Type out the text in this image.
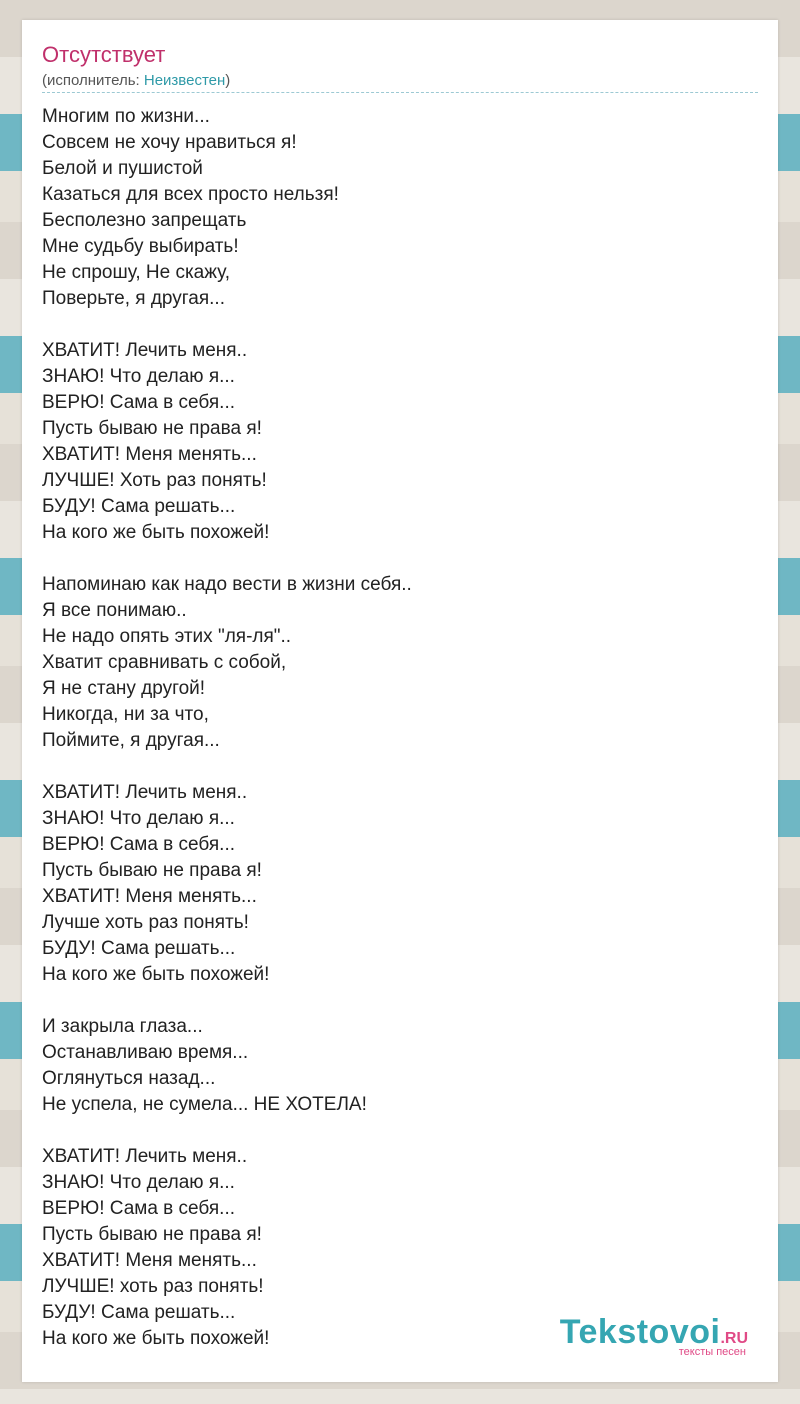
Отсутствует
(исполнитель: Неизвестен)
Многим по жизни...
Совсем не хочу нравиться я!
Белой и пушистой
Казаться для всех просто нельзя!
Бесполезно запрещать
Мне судьбу выбирать!
Не спрошу, Не скажу,
Поверьте, я другая...
ХВАТИТ! Лечить меня..
ЗНАЮ! Что делаю я...
ВЕРЮ! Сама в себя...
Пусть бываю не права я!
ХВАТИТ! Меня менять...
ЛУЧШЕ! Хоть раз понять!
БУДУ! Сама решать...
На кого же быть похожей!
Напоминаю как надо вести в жизни себя..
Я все понимаю..
Не надо опять этих "ля-ля"..
Хватит сравнивать с собой,
Я не стану другой!
Никогда, ни за что,
Поймите, я другая...
ХВАТИТ! Лечить меня..
ЗНАЮ! Что делаю я...
ВЕРЮ! Сама в себя...
Пусть бываю не права я!
ХВАТИТ! Меня менять...
Лучше хоть раз понять!
БУДУ! Сама решать...
На кого же быть похожей!
И закрыла глаза...
Останавливаю время...
Оглянуться назад...
Не успела, не сумела... НЕ ХОТЕЛА!
ХВАТИТ! Лечить меня..
ЗНАЮ! Что делаю я...
ВЕРЮ! Сама в себя...
Пусть бываю не права я!
ХВАТИТ! Меня менять...
ЛУЧШЕ! хоть раз понять!
БУДУ! Сама решать...
На кого же быть похожей!	Tekstovoi.RU
тексты песен
